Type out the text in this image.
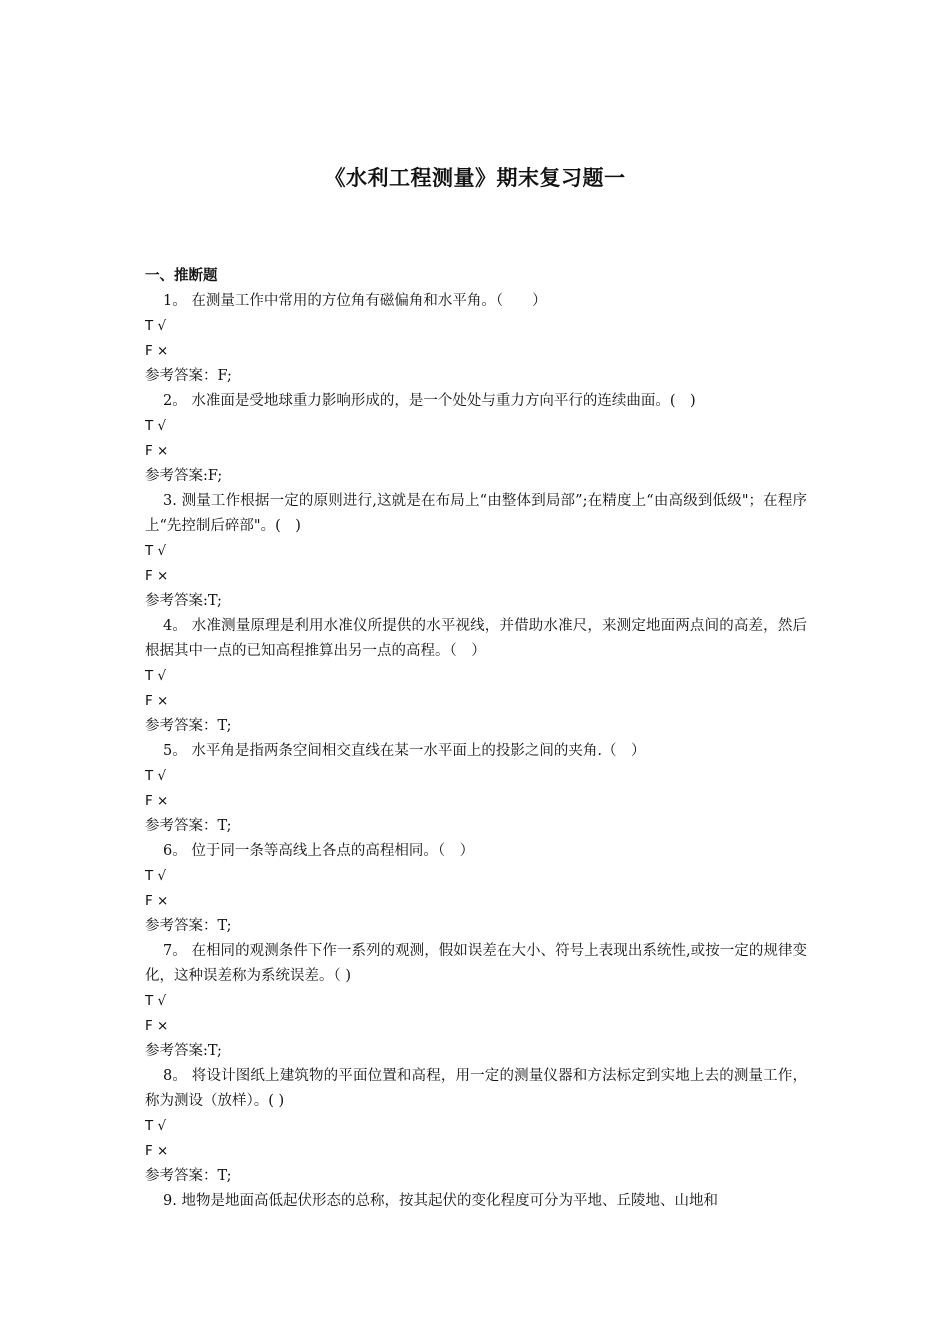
《水利工程测量》期末复习题一
一、推断题
1。 在测量工作中常用的方位角有磁偏角和水平角。（　　）
T √
F ×
参考答案：F;
2。 水准面是受地球重力影响形成的，是一个处处与重力方向平行的连续曲面。(　)
T √
F ×
参考答案:F;
3. 测量工作根据一定的原则进行,这就是在布局上“由整体到局部”;在精度上“由高级到低级"；在程序上“先控制后碎部"。(　)
T √
F ×
参考答案:T;
4。 水准测量原理是利用水准仪所提供的水平视线，并借助水准尺，来测定地面两点间的高差，然后根据其中一点的已知高程推算出另一点的高程。（　）
T √
F ×
参考答案：T;
5。 水平角是指两条空间相交直线在某一水平面上的投影之间的夹角.（　）
T √
F ×
参考答案：T;
6。 位于同一条等高线上各点的高程相同。（　）
T √
F ×
参考答案：T;
7。 在相同的观测条件下作一系列的观测，假如误差在大小、符号上表现出系统性,或按一定的规律变化，这种误差称为系统误差。（ )
T √
F ×
参考答案:T;
8。 将设计图纸上建筑物的平面位置和高程，用一定的测量仪器和方法标定到实地上去的测量工作，称为测设（放样）。( )
T √
F ×
参考答案：T;
9. 地物是地面高低起伏形态的总称，按其起伏的变化程度可分为平地、丘陵地、山地和
